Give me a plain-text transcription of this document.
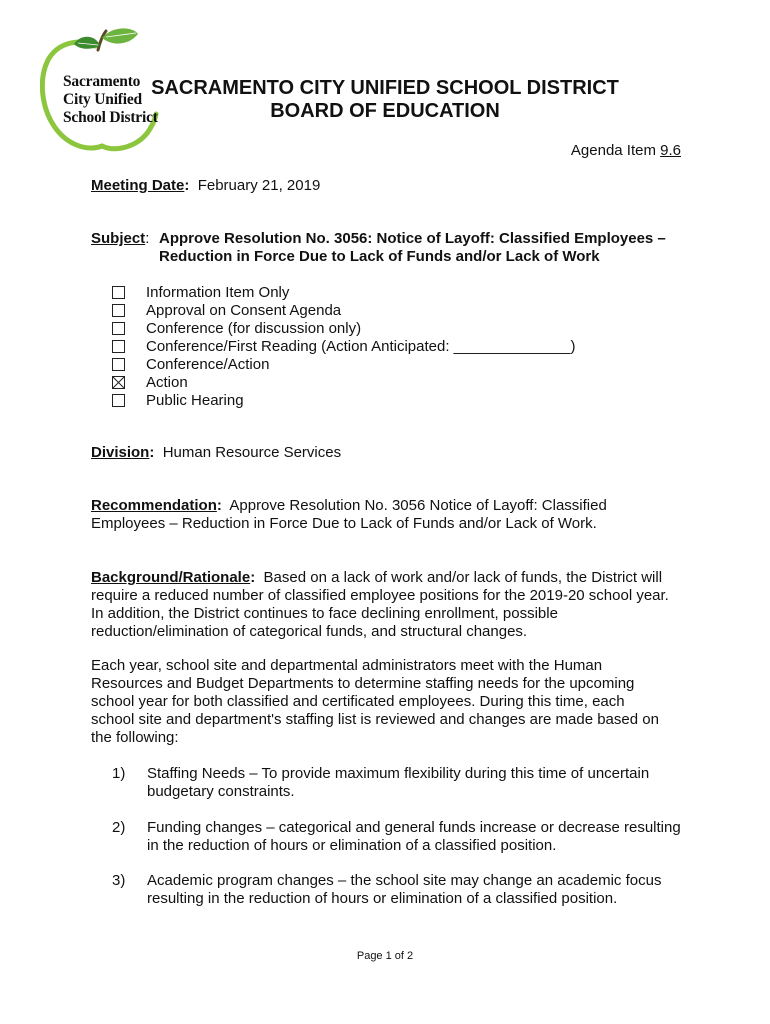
Sacramento
City Unified
School District
SACRAMENTO CITY UNIFIED SCHOOL DISTRICT
BOARD OF EDUCATION
Agenda Item 9.6
Meeting Date: February 21, 2019
Subject: Approve Resolution No. 3056: Notice of Layoff: Classified Employees –
Reduction in Force Due to Lack of Funds and/or Lack of Work
Information Item Only
Approval on Consent Agenda
Conference (for discussion only)
Conference/First Reading (Action Anticipated: ______________)
Conference/Action
Action
Public Hearing
Division: Human Resource Services
Recommendation: Approve Resolution No. 3056 Notice of Layoff: Classified
Employees – Reduction in Force Due to Lack of Funds and/or Lack of Work.
Background/Rationale: Based on a lack of work and/or lack of funds, the District will
require a reduced number of classified employee positions for the 2019-20 school year.
In addition, the District continues to face declining enrollment, possible
reduction/elimination of categorical funds, and structural changes.
Each year, school site and departmental administrators meet with the Human
Resources and Budget Departments to determine staffing needs for the upcoming
school year for both classified and certificated employees. During this time, each
school site and department's staffing list is reviewed and changes are made based on
the following:
1) Staffing Needs – To provide maximum flexibility during this time of uncertain
budgetary constraints.
2) Funding changes – categorical and general funds increase or decrease resulting
in the reduction of hours or elimination of a classified position.
3) Academic program changes – the school site may change an academic focus
resulting in the reduction of hours or elimination of a classified position.
Page 1 of 2
